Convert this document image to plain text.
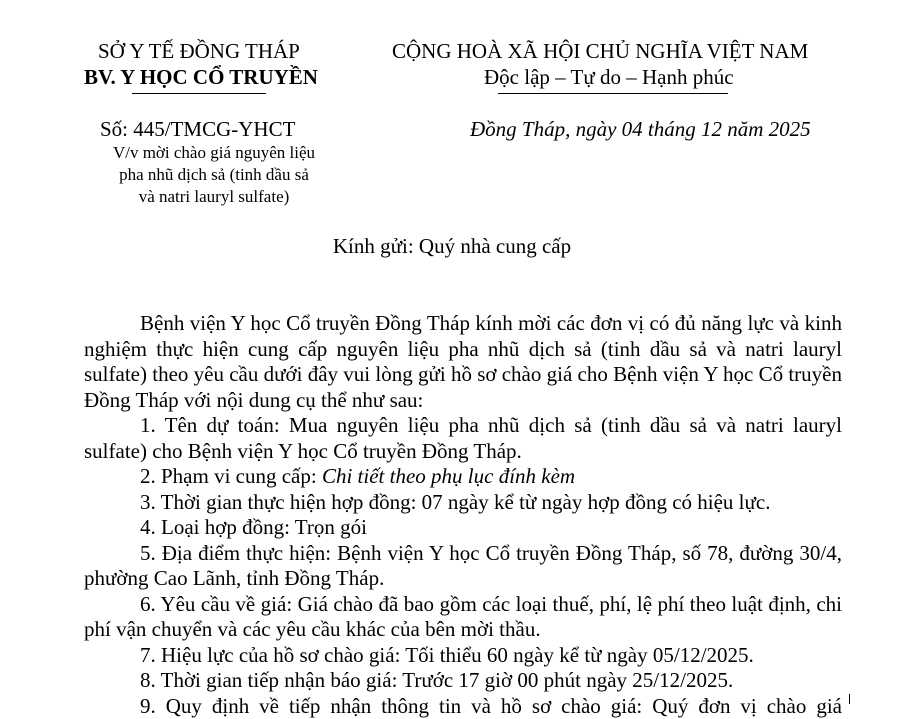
SỞ Y TẾ ĐỒNG THÁP
BV. Y HỌC CỔ TRUYỀN
CỘNG HOÀ XÃ HỘI CHỦ NGHĨA VIỆT NAM
Độc lập – Tự do – Hạnh phúc
Số: 445/TMCG-YHCT
V/v mời chào giá nguyên liệu
pha nhũ dịch sả (tinh dầu sả
và natri lauryl sulfate)
Đồng Tháp, ngày 04 tháng 12 năm 2025
Kính gửi: Quý nhà cung cấp

Bệnh viện Y học Cổ truyền Đồng Tháp kính mời các đơn vị có đủ năng lực và kinh nghiệm thực hiện cung cấp nguyên liệu pha nhũ dịch sả (tinh dầu sả và natri lauryl sulfate) theo yêu cầu dưới đây vui lòng gửi hồ sơ chào giá cho Bệnh viện Y học Cổ truyền Đồng Tháp với nội dung cụ thể như sau:

1. Tên dự toán: Mua nguyên liệu pha nhũ dịch sả (tinh dầu sả và natri lauryl sulfate) cho Bệnh viện Y học Cổ truyền Đồng Tháp.

2. Phạm vi cung cấp: Chi tiết theo phụ lục đính kèm

3. Thời gian thực hiện hợp đồng: 07 ngày kể từ ngày hợp đồng có hiệu lực.

4. Loại hợp đồng: Trọn gói

5. Địa điểm thực hiện: Bệnh viện Y học Cổ truyền Đồng Tháp, số 78, đường 30/4, phường Cao Lãnh, tỉnh Đồng Tháp.

6. Yêu cầu về giá: Giá chào đã bao gồm các loại thuế, phí, lệ phí theo luật định, chi phí vận chuyển và các yêu cầu khác của bên mời thầu.

7. Hiệu lực của hồ sơ chào giá: Tối thiểu 60 ngày kể từ ngày 05/12/2025.

8. Thời gian tiếp nhận báo giá: Trước 17 giờ 00 phút ngày 25/12/2025.

9. Quy định về tiếp nhận thông tin và hồ sơ chào giá: Quý đơn vị chào giá
